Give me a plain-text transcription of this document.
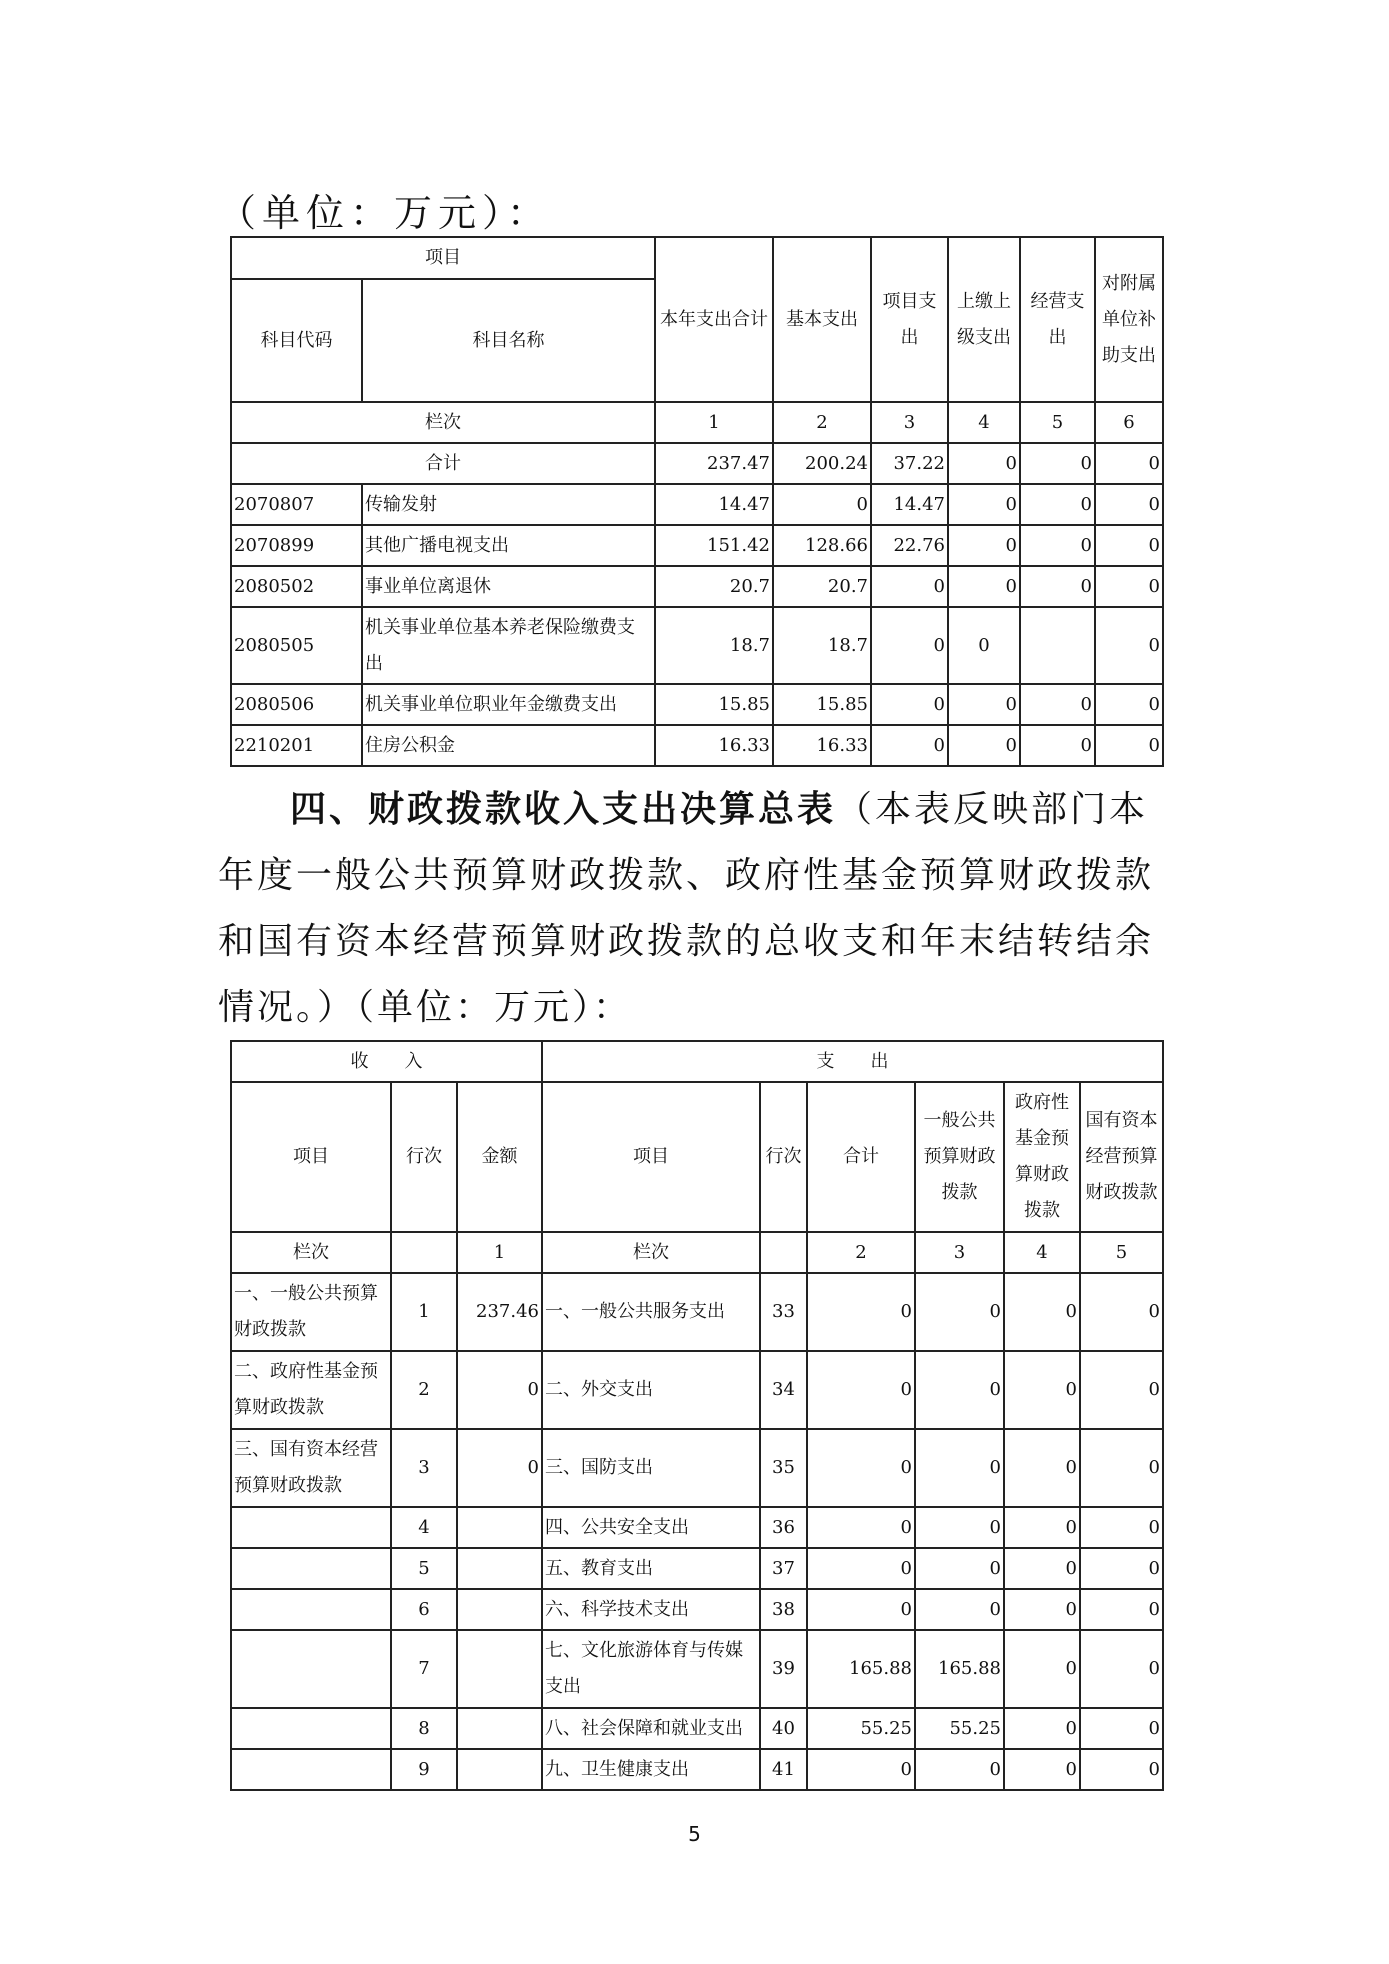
（单位：万元）：
项目		本年支出合计	基本支出	项目支出	上缴上级支出	经营支出	对附属单位补助支出
科目代码	科目名称						
栏次		1	2	3	4	5	6
合计		237.47	200.24	37.22	0	0	0
2070807	传输发射	14.47	0	14.47	0	0	0
2070899	其他广播电视支出	151.42	128.66	22.76	0	0	0
2080502	事业单位离退休	20.7	20.7	0	0	0	0
2080505	机关事业单位基本养老保险缴费支出	18.7	18.7	0	0		0
2080506	机关事业单位职业年金缴费支出	15.85	15.85	0	0	0	0
2210201	住房公积金	16.33	16.33	0	0	0	0
四、财政拨款收入支出决算总表（本表反映部门本年度一般公共预算财政拨款、政府性基金预算财政拨款和国有资本经营预算财政拨款的总收支和年末结转结余情况。）（单位：万元）：
收　　入			支　　出					
项目	行次	金额	项目	行次	合计	一般公共预算财政拨款	政府性基金预算财政拨款	国有资本经营预算财政拨款
栏次		1	栏次		2	3	4	5
一、一般公共预算财政拨款	1	237.46	一、一般公共服务支出	33	0	0	0	0
二、政府性基金预算财政拨款	2	0	二、外交支出	34	0	0	0	0
三、国有资本经营预算财政拨款	3	0	三、国防支出	35	0	0	0	0
	4		四、公共安全支出	36	0	0	0	0
	5		五、教育支出	37	0	0	0	0
	6		六、科学技术支出	38	0	0	0	0
	7		七、文化旅游体育与传媒支出	39	165.88	165.88	0	0
	8		八、社会保障和就业支出	40	55.25	55.25	0	0
	9		九、卫生健康支出	41	0	0	0	0
5
